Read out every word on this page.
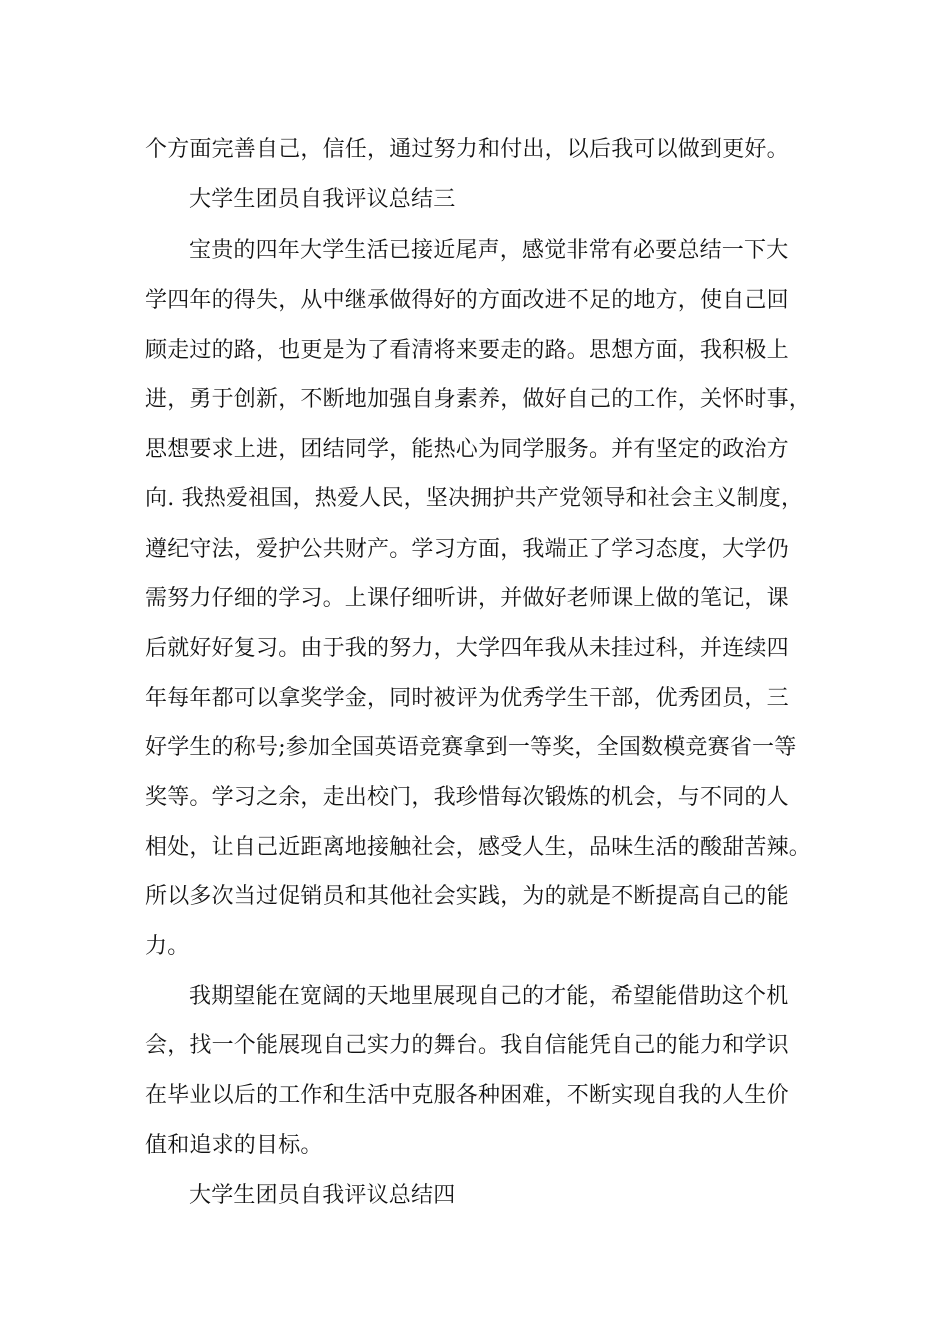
个方面完善自己，信任，通过努力和付出，以后我可以做到更好。
大学生团员自我评议总结三
宝贵的四年大学生活已接近尾声，感觉非常有必要总结一下大
学四年的得失，从中继承做得好的方面改进不足的地方，使自己回
顾走过的路，也更是为了看清将来要走的路。思想方面，我积极上
进，勇于创新，不断地加强自身素养，做好自己的工作，关怀时事，
思想要求上进，团结同学，能热心为同学服务。并有坚定的政治方
向. 我热爱祖国，热爱人民，坚决拥护共产党领导和社会主义制度，
遵纪守法，爱护公共财产。学习方面，我端正了学习态度，大学仍
需努力仔细的学习。上课仔细听讲，并做好老师课上做的笔记，课
后就好好复习。由于我的努力，大学四年我从未挂过科，并连续四
年每年都可以拿奖学金，同时被评为优秀学生干部，优秀团员，三
好学生的称号;参加全国英语竞赛拿到一等奖，全国数模竞赛省一等
奖等。学习之余，走出校门，我珍惜每次锻炼的机会，与不同的人
相处，让自己近距离地接触社会，感受人生，品味生活的酸甜苦辣。
所以多次当过促销员和其他社会实践，为的就是不断提高自己的能
力。
我期望能在宽阔的天地里展现自己的才能，希望能借助这个机
会，找一个能展现自己实力的舞台。我自信能凭自己的能力和学识
在毕业以后的工作和生活中克服各种困难，不断实现自我的人生价
值和追求的目标。
大学生团员自我评议总结四
